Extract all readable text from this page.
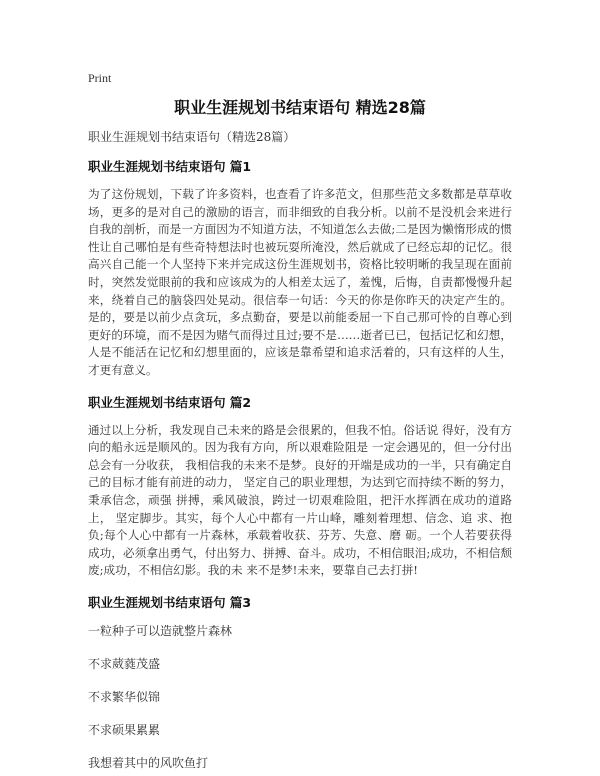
Print
职业生涯规划书结束语句 精选28篇
职业生涯规划书结束语句（精选28篇）
职业生涯规划书结束语句 篇1

为了这份规划，下载了许多资料，也查看了许多范文，但那些范文多数都是草草收场，更多的是对自己的激励的语言，而非细致的自我分析。以前不是没机会来进行自我的剖析，而是一方面因为不知道方法，不知道怎么去做;二是因为懒惰形成的惯性让自己哪怕是有些奇特想法时也被玩耍所淹没，然后就成了已经忘却的记忆。很高兴自己能一个人坚持下来并完成这份生涯规划书，资格比较明晰的我呈现在面前时，突然发觉眼前的我和应该成为的人相差太远了，羞愧，后悔，自责都慢慢升起来，绕着自己的脑袋四处晃动。很信奉一句话：今天的你是你昨天的决定产生的。是的，要是以前少点贪玩，多点勤奋，要是以前能委屈一下自己那可怜的自尊心到更好的环境，而不是因为赌气而得过且过;要不是……逝者已已，包括记忆和幻想，人是不能活在记忆和幻想里面的，应该是靠希望和追求活着的，只有这样的人生，才更有意义。

职业生涯规划书结束语句 篇2

通过以上分析，我发现自己未来的路是会很累的，但我不怕。俗话说 得好，没有方向的船永远是顺风的。因为我有方向，所以艰难险阻是 一定会遇见的，但一分付出总会有一分收获， 我相信我的未来不是梦。良好的开端是成功的一半，只有确定自己的目标才能有前进的动力， 坚定自己的职业理想，为达到它而持续不断的努力，秉承信念，顽强 拼搏，乘风破浪，跨过一切艰难险阻，把汗水挥洒在成功的道路上， 坚定脚步。其实，每个人心中都有一片山峰，雕刻着理想、信念、追 求、抱负;每个人心中都有一片森林，承载着收获、芬芳、失意、磨 砺。一个人若要获得成功，必须拿出勇气，付出努力、拼搏、奋斗。成功，不相信眼泪;成功，不相信颓废;成功，不相信幻影。我的未 来不是梦!未来，要靠自己去打拼!

职业生涯规划书结束语句 篇3
一粒种子可以造就整片森林
不求葳蕤茂盛
不求繁华似锦
不求硕果累累
我想着其中的风吹鱼打
